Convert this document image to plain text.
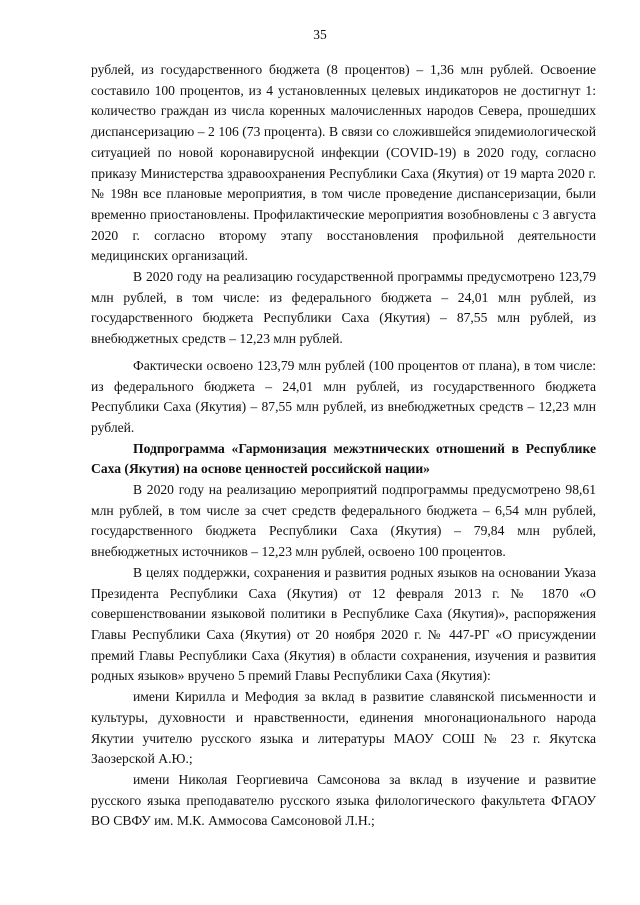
35

рублей, из государственного бюджета (8 процентов) – 1,36 млн рублей. Освоение составило 100 процентов, из 4 установленных целевых индикаторов не достигнут 1: количество граждан из числа коренных малочисленных народов Севера, прошедших диспансеризацию – 2 106 (73 процента). В связи со сложившейся эпидемиологической ситуацией по новой коронавирусной инфекции (COVID-19) в 2020 году, согласно приказу Министерства здравоохранения Республики Саха (Якутия) от 19 марта 2020 г. № 198н все плановые мероприятия, в том числе проведение диспансеризации, были временно приостановлены. Профилактические мероприятия возобновлены с 3 августа 2020 г. согласно второму этапу восстановления профильной деятельности медицинских организаций.

В 2020 году на реализацию государственной программы предусмотрено 123,79 млн рублей, в том числе: из федерального бюджета – 24,01 млн рублей, из государственного бюджета Республики Саха (Якутия) – 87,55 млн рублей, из внебюджетных средств – 12,23 млн рублей.

Фактически освоено 123,79 млн рублей (100 процентов от плана), в том числе: из федерального бюджета – 24,01 млн рублей, из государственного бюджета Республики Саха (Якутия) – 87,55 млн рублей, из внебюджетных средств – 12,23 млн рублей.

Подпрограмма «Гармонизация межэтнических отношений в Республике Саха (Якутия) на основе ценностей российской нации»

В 2020 году на реализацию мероприятий подпрограммы предусмотрено 98,61 млн рублей, в том числе за счет средств федерального бюджета – 6,54 млн рублей, государственного бюджета Республики Саха (Якутия) – 79,84 млн рублей, внебюджетных источников – 12,23 млн рублей, освоено 100 процентов.

В целях поддержки, сохранения и развития родных языков на основании Указа Президента Республики Саха (Якутия) от 12 февраля 2013 г. № 1870 «О совершенствовании языковой политики в Республике Саха (Якутия)», распоряжения Главы Республики Саха (Якутия) от 20 ноября 2020 г. № 447-РГ «О присуждении премий Главы Республики Саха (Якутия) в области сохранения, изучения и развития родных языков» вручено 5 премий Главы Республики Саха (Якутия):

имени Кирилла и Мефодия за вклад в развитие славянской письменности и культуры, духовности и нравственности, единения многонационального народа Якутии учителю русского языка и литературы МАОУ СОШ № 23 г. Якутска Заозерской А.Ю.;

имени Николая Георгиевича Самсонова за вклад в изучение и развитие русского языка преподавателю русского языка филологического факультета ФГАОУ ВО СВФУ им. М.К. Аммосова Самсоновой Л.Н.;
